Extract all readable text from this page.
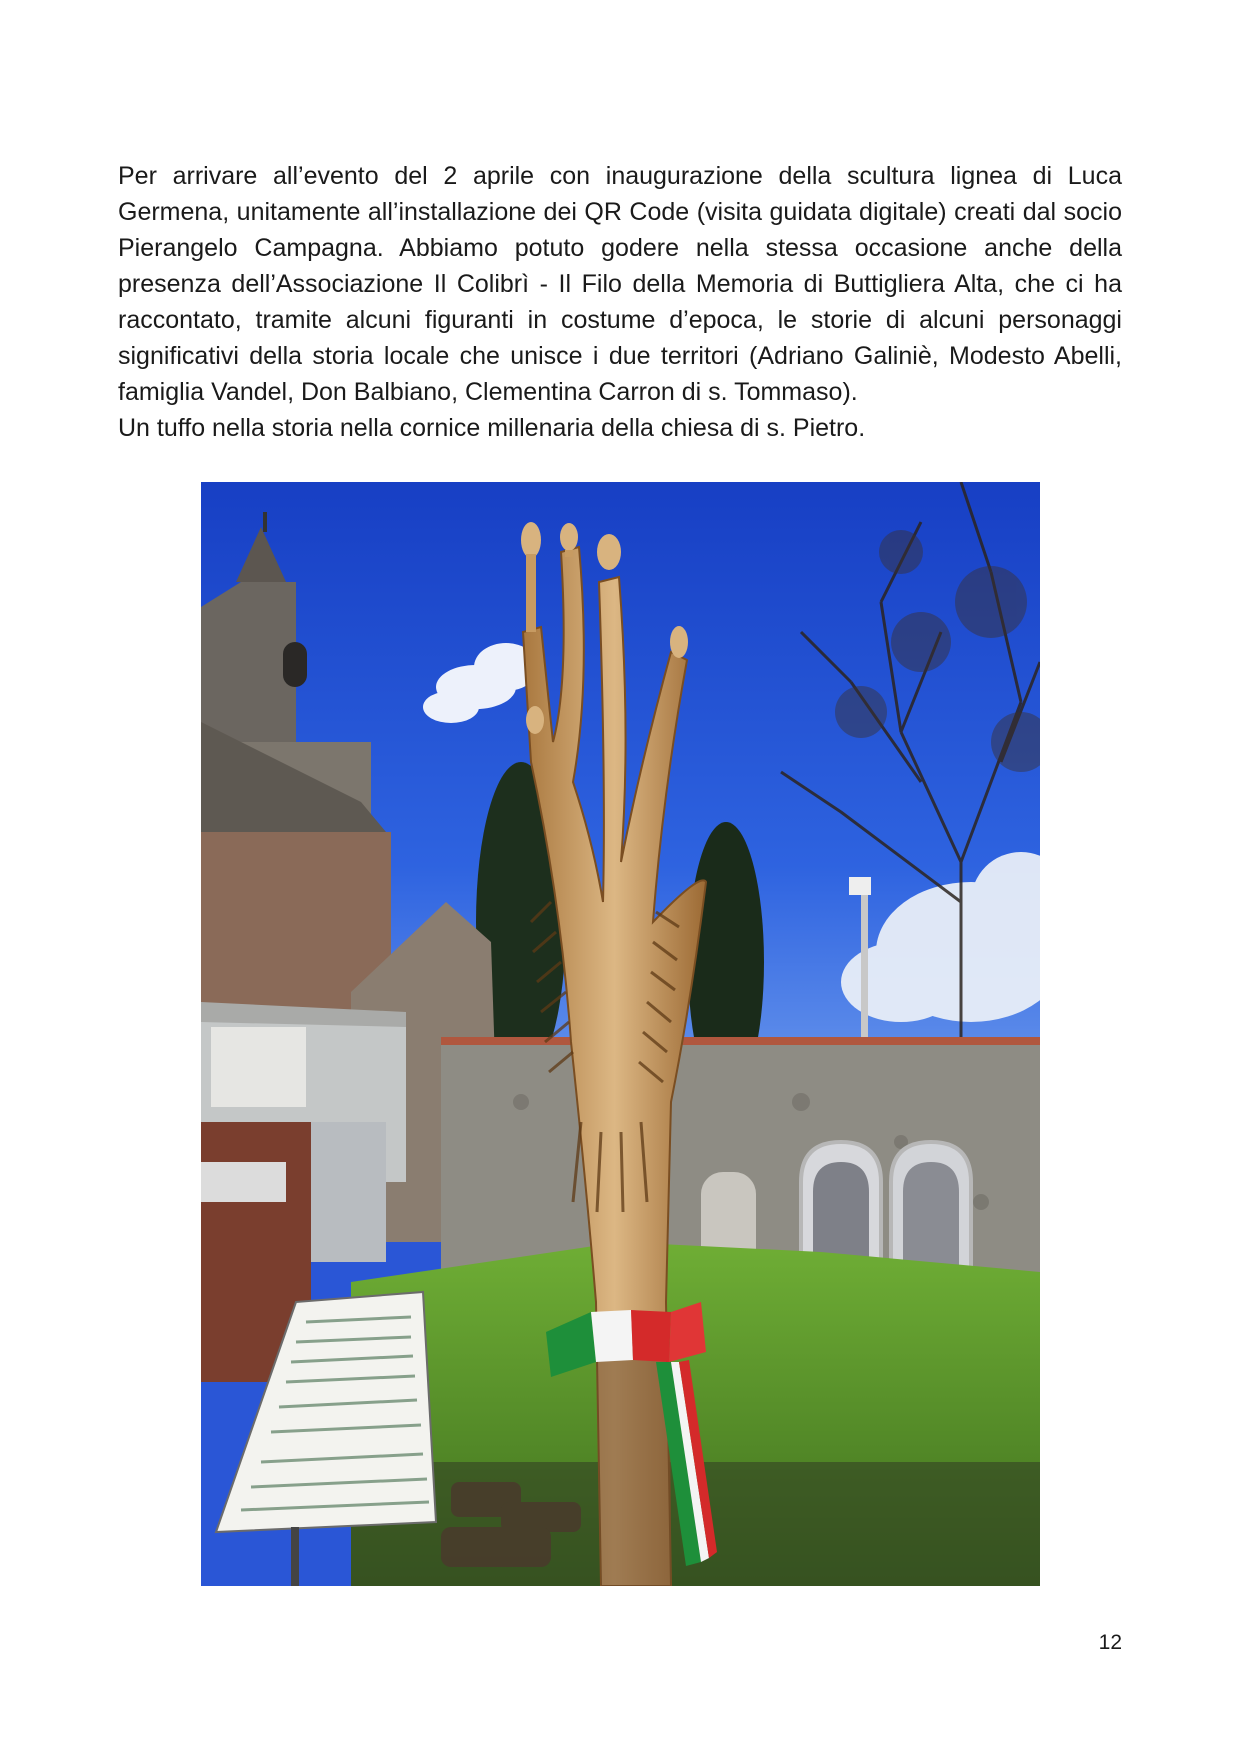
Per arrivare all’evento del 2 aprile con inaugurazione della scultura lignea di Luca Germena, unitamente all’installazione dei QR Code (visita guidata digitale) creati dal socio Pierangelo Campagna. Abbiamo potuto godere nella stessa occasione anche della presenza dell’Associazione Il Colibrì - Il Filo della Memoria di Buttigliera Alta, che ci ha raccontato, tramite alcuni figuranti in costume d’epoca, le storie di alcuni personaggi significativi della storia locale che unisce i due territori (Adriano Galiniè, Modesto Abelli, famiglia Vandel, Don Balbiano, Clementina Carron di s. Tommaso).

Un tuffo nella storia nella cornice millenaria della chiesa di s. Pietro.

12
